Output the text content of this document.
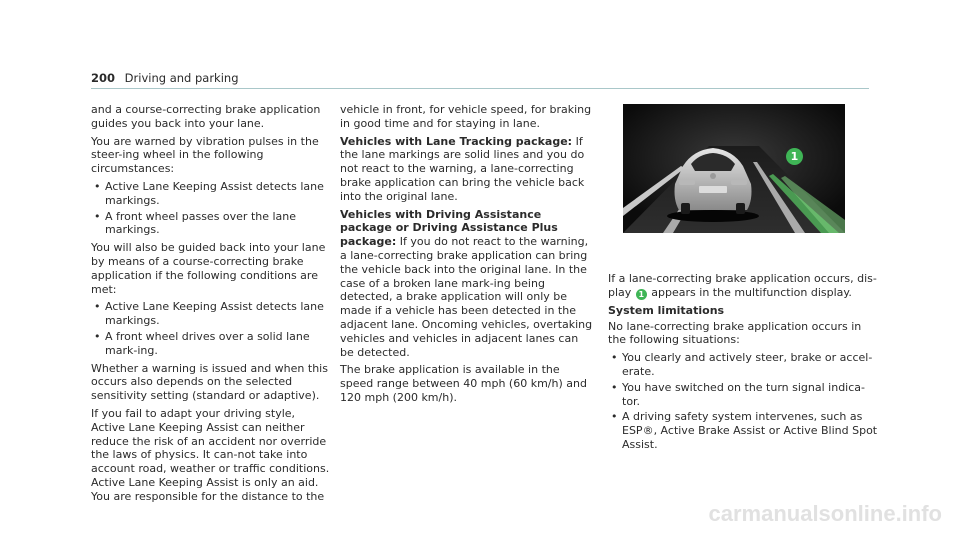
200 Driving and parking

and a course-correcting brake application guides you back into your lane.

You are warned by vibration pulses in the steer-ing wheel in the following circumstances:

• Active Lane Keeping Assist detects lane markings.
• A front wheel passes over the lane markings.

You will also be guided back into your lane by means of a course-correcting brake application if the following conditions are met:

• Active Lane Keeping Assist detects lane markings.
• A front wheel drives over a solid lane mark-ing.

Whether a warning is issued and when this occurs also depends on the selected sensitivity setting (standard or adaptive).

If you fail to adapt your driving style, Active Lane Keeping Assist can neither reduce the risk of an accident nor override the laws of physics. It can-not take into account road, weather or traffic conditions. Active Lane Keeping Assist is only an aid. You are responsible for the distance to the

vehicle in front, for vehicle speed, for braking in good time and for staying in lane.

Vehicles with Lane Tracking package: If the lane markings are solid lines and you do not react to the warning, a lane-correcting brake application can bring the vehicle back into the original lane.

Vehicles with Driving Assistance package or Driving Assistance Plus package: If you do not react to the warning, a lane-correcting brake application can bring the vehicle back into the original lane. In the case of a broken lane mark-ing being detected, a brake application will only be made if a vehicle has been detected in the adjacent lane. Oncoming vehicles, overtaking vehicles and vehicles in adjacent lanes can be detected.

The brake application is available in the speed range between 40 mph (60 km/h) and 120 mph (200 km/h).

1

If a lane-correcting brake application occurs, dis-play 1 appears in the multifunction display.

System limitations

No lane-correcting brake application occurs in the following situations:

• You clearly and actively steer, brake or accel-erate.
• You have switched on the turn signal indica-tor.
• A driving safety system intervenes, such as ESP®, Active Brake Assist or Active Blind Spot Assist.
carmanualsonline.info
